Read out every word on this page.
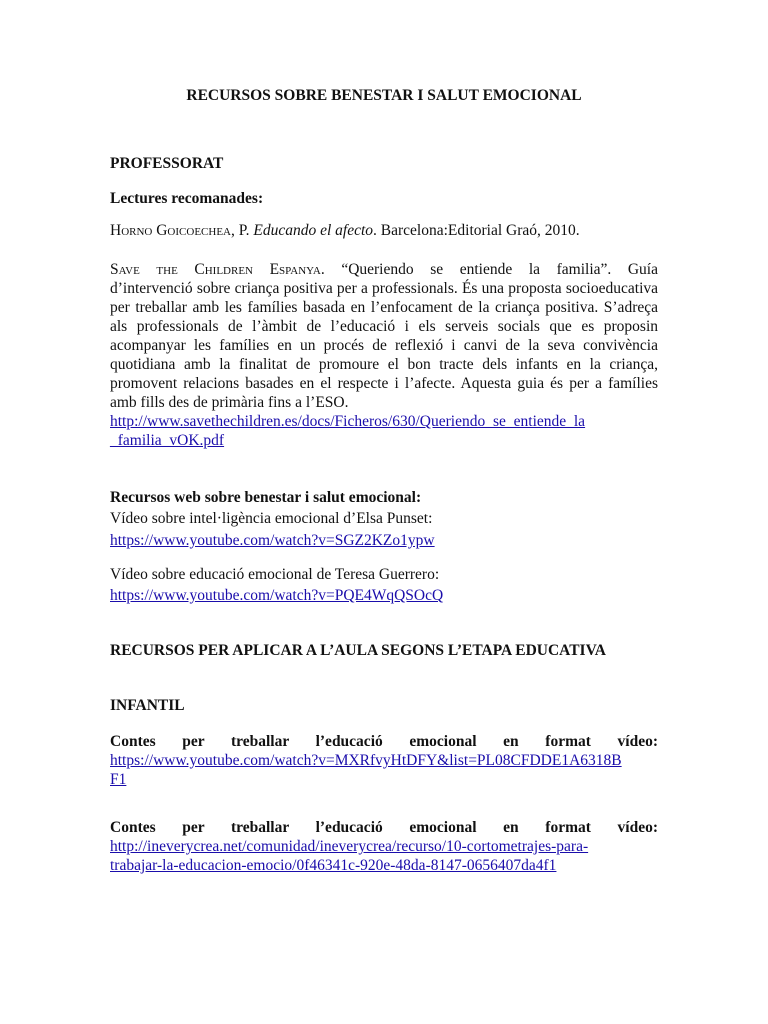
RECURSOS SOBRE BENESTAR I SALUT EMOCIONAL

PROFESSORAT

Lectures recomanades:

Horno Goicoechea, P. Educando el afecto. Barcelona:Editorial Graó, 2010.

Save the Children Espanya. “Queriendo se entiende la familia”. Guía
d’intervenció sobre criança positiva per a professionals. És una proposta socioeducativa per treballar amb les famílies basada en l’enfocament de la criança positiva. S’adreça als professionals de l’àmbit de l’educació i els serveis socials que es proposin acompanyar les famílies en un procés de reflexió i canvi de la seva convivència quotidiana amb la finalitat de promoure el bon tracte dels infants en la criança, promovent relacions basades en el respecte i l’afecte. Aquesta guia és per a famílies amb fills des de primària fins a l’ESO.
http://www.savethechildren.es/docs/Ficheros/630/Queriendo_se_entiende_la
_familia_vOK.pdf

Recursos web sobre benestar i salut emocional:

Vídeo sobre intel·ligència emocional d’Elsa Punset:

https://www.youtube.com/watch?v=SGZ2KZo1ypw

Vídeo sobre educació emocional de Teresa Guerrero:

https://www.youtube.com/watch?v=PQE4WqQSOcQ

RECURSOS PER APLICAR A L’AULA SEGONS L’ETAPA EDUCATIVA

INFANTIL

Contes per treballar l’educació emocional en format vídeo:
https://www.youtube.com/watch?v=MXRfvyHtDFY&list=PL08CFDDE1A6318B
F1
Contes per treballar l’educació emocional en format vídeo:
http://ineverycrea.net/comunidad/ineverycrea/recurso/10-cortometrajes-para-
trabajar-la-educacion-emocio/0f46341c-920e-48da-8147-0656407da4f1
